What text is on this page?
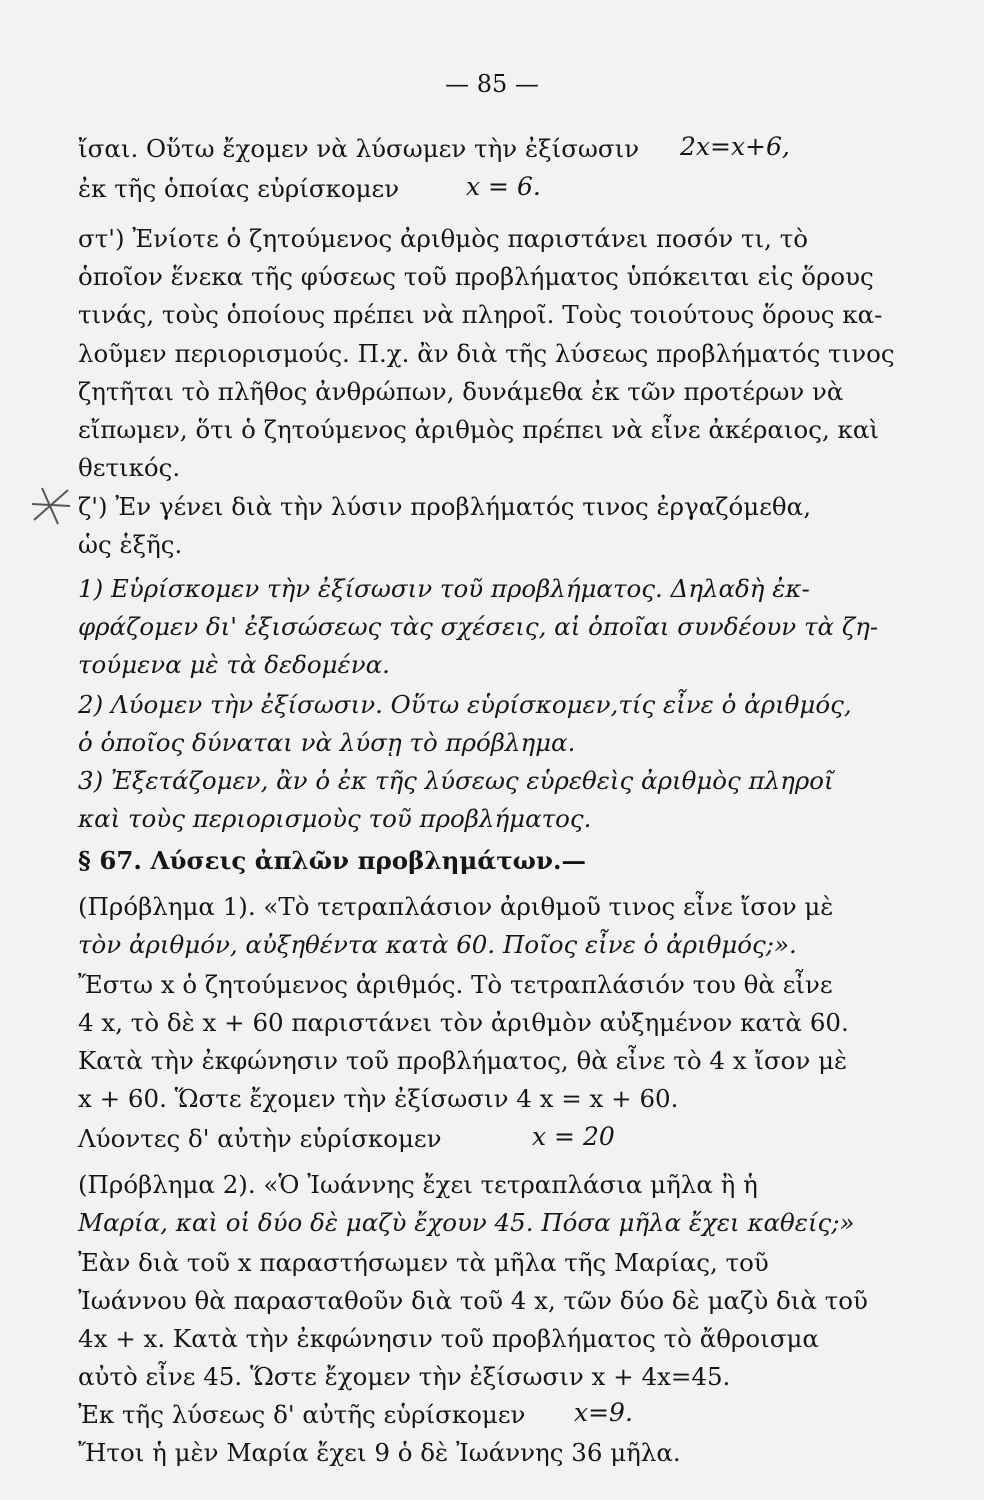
— 85 —
ἴσαι. Οὕτω ἔχομεν νὰ λύσωμεν τὴν ἐξίσωσιν	2x=x+6,
ἐκ τῆς ὁποίας εὑρίσκομεν	x = 6.
στ') Ἐνίοτε ὁ ζητούμενος ἀριθμὸς παριστάνει ποσόν τι, τὸ
ὁποῖον ἕνεκα τῆς φύσεως τοῦ προβλήματος ὑπόκειται εἰς ὅρους
τινάς, τοὺς ὁποίους πρέπει νὰ πληροῖ. Τοὺς τοιούτους ὅρους κα-
λοῦμεν περιορισμούς. Π.χ. ἂν διὰ τῆς λύσεως προβλήματός τινος
ζητῆται τὸ πλῆθος ἀνθρώπων, δυνάμεθα ἐκ τῶν προτέρων νὰ
εἴπωμεν, ὅτι ὁ ζητούμενος ἀριθμὸς πρέπει νὰ εἶνε ἀκέραιος, καὶ
θετικός.
ζ') Ἐν γένει διὰ τὴν λύσιν προβλήματός τινος ἐργαζόμεθα,
ὡς ἑξῆς.
1) Εὑρίσκομεν τὴν ἐξίσωσιν τοῦ προβλήματος. Δηλαδὴ ἐκ-
φράζομεν δι' ἐξισώσεως τὰς σχέσεις, αἱ ὁποῖαι συνδέουν τὰ ζη-
τούμενα μὲ τὰ δεδομένα.
2) Λύομεν τὴν ἐξίσωσιν. Οὕτω εὑρίσκομεν,τίς εἶνε ὁ ἀριθμός,
ὁ ὁποῖος δύναται νὰ λύσῃ τὸ πρόβλημα.
3) Ἐξετάζομεν, ἂν ὁ ἐκ τῆς λύσεως εὑρεθεὶς ἀριθμὸς πληροῖ
καὶ τοὺς περιορισμοὺς τοῦ προβλήματος.
§ 67. Λύσεις ἀπλῶν προβλημάτων.—
(Πρόβλημα 1). «Τὸ τετραπλάσιον ἀριθμοῦ τινος εἶνε ἴσον μὲ
τὸν ἀριθμόν, αὐξηθέντα κατὰ 60. Ποῖος εἶνε ὁ ἀριθμός;».
Ἔστω x ὁ ζητούμενος ἀριθμός. Τὸ τετραπλάσιόν του θὰ εἶνε
4 x, τὸ δὲ x + 60 παριστάνει τὸν ἀριθμὸν αὐξημένον κατὰ 60.
Κατὰ τὴν ἐκφώνησιν τοῦ προβλήματος, θὰ εἶνε τὸ 4 x ἴσον μὲ
x + 60. Ὥστε ἔχομεν τὴν ἐξίσωσιν 4 x = x + 60.
Λύοντες δ' αὐτὴν εὑρίσκομεν	x = 20
(Πρόβλημα 2). «Ὁ Ἰωάννης ἔχει τετραπλάσια μῆλα ἢ ἡ
Μαρία, καὶ οἱ δύο δὲ μαζὺ ἔχουν 45. Πόσα μῆλα ἔχει καθείς;»
Ἐὰν διὰ τοῦ x παραστήσωμεν τὰ μῆλα τῆς Μαρίας, τοῦ
Ἰωάννου θὰ παρασταθοῦν διὰ τοῦ 4 x, τῶν δύο δὲ μαζὺ διὰ τοῦ
4x + x. Κατὰ τὴν ἐκφώνησιν τοῦ προβλήματος τὸ ἄθροισμα
αὐτὸ εἶνε 45. Ὥστε ἔχομεν τὴν ἐξίσωσιν x + 4x=45.
Ἐκ τῆς λύσεως δ' αὐτῆς εὑρίσκομεν	x=9.
Ἤτοι ἡ μὲν Μαρία ἔχει 9 ὁ δὲ Ἰωάννης 36 μῆλα.
